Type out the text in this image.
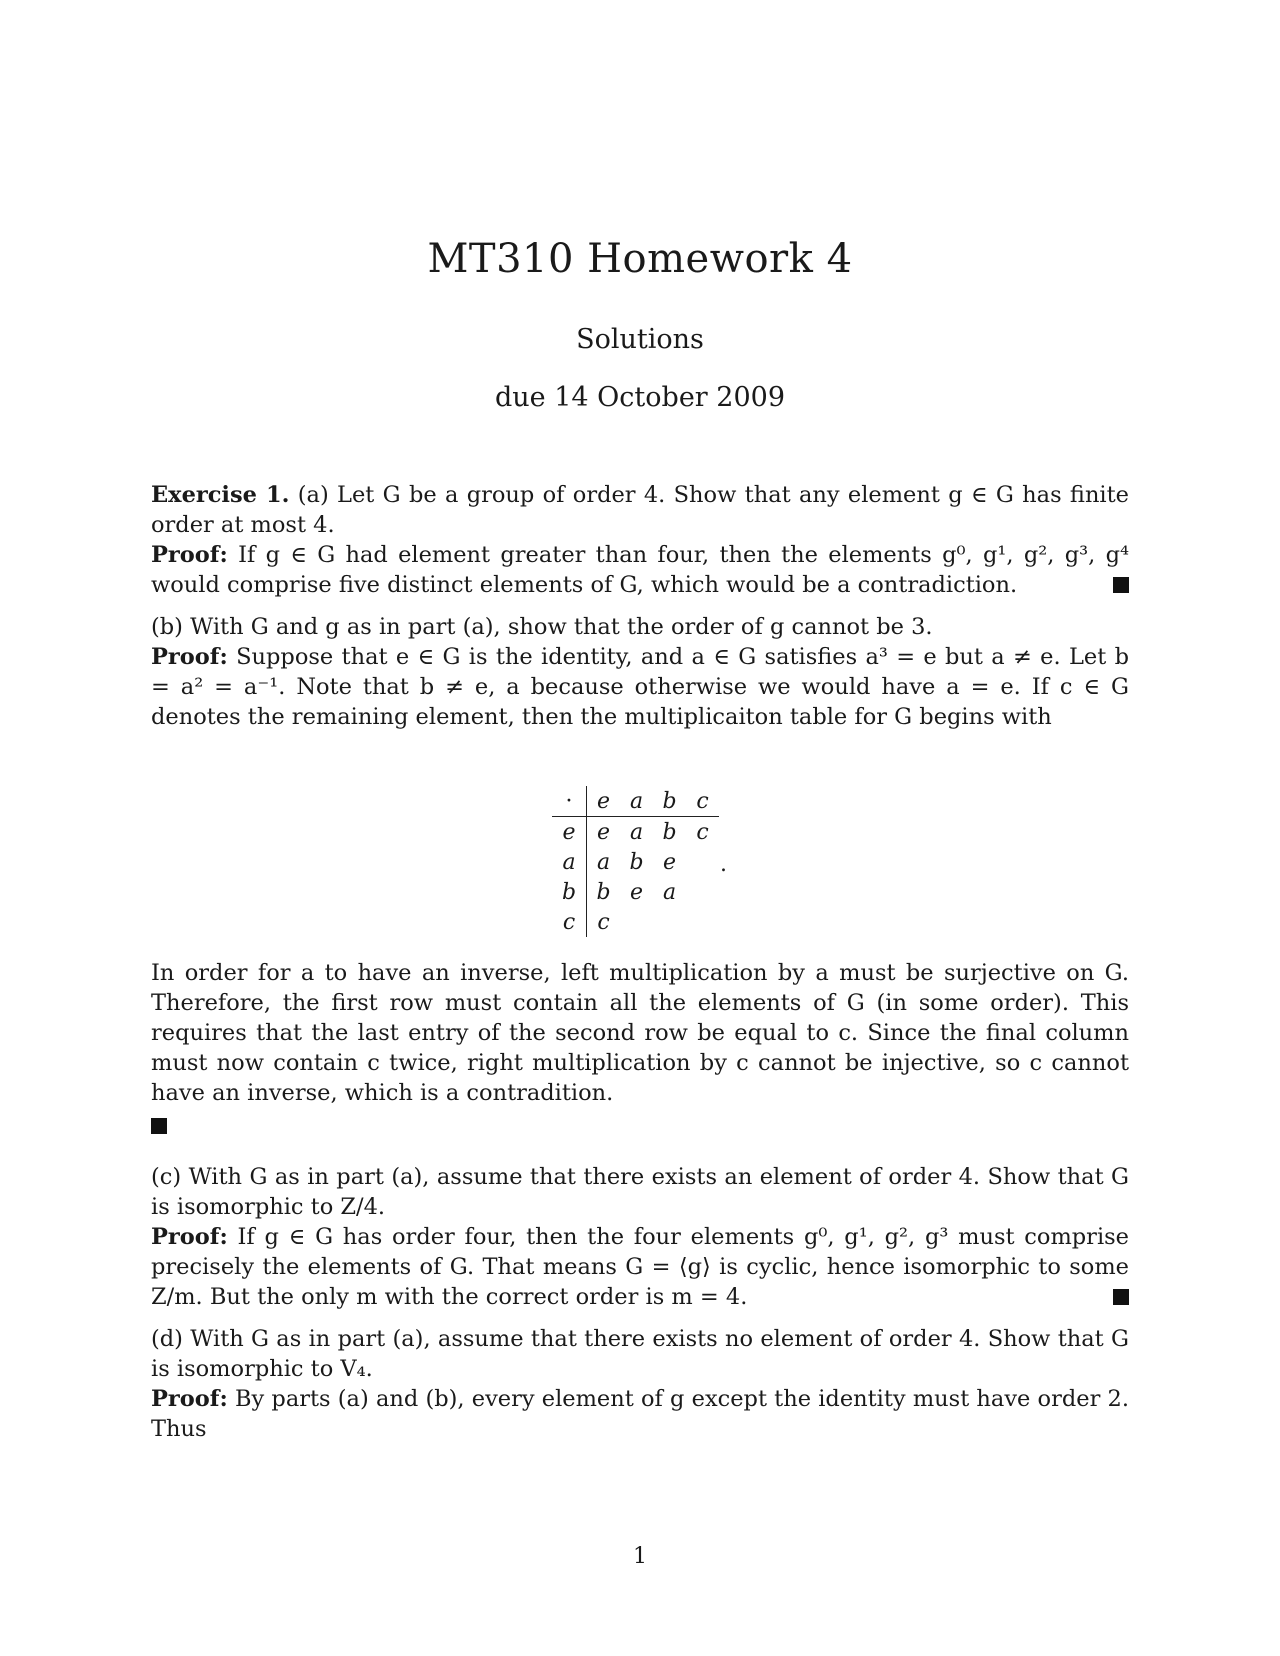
MT310 Homework 4
Solutions
due 14 October 2009

Exercise 1. (a) Let G be a group of order 4. Show that any element g ∈ G has finite order at most 4.

Proof: If g ∈ G had element greater than four, then the elements g⁰, g¹, g², g³, g⁴ would comprise five distinct elements of G, which would be a contradiction.

(b) With G and g as in part (a), show that the order of g cannot be 3.

Proof: Suppose that e ∈ G is the identity, and a ∈ G satisfies a³ = e but a ≠ e. Let b = a² = a⁻¹. Note that b ≠ e, a because otherwise we would have a = e. If c ∈ G denotes the remaining element, then the multiplicaiton table for G begins with

·	e	a	b	c
e	e	a	b	c
a	a	b	e	
b	b	e	a	
c	c			
.

In order for a to have an inverse, left multiplication by a must be surjective on G. Therefore, the first row must contain all the elements of G (in some order). This requires that the last entry of the second row be equal to c. Since the final column must now contain c twice, right multiplication by c cannot be injective, so c cannot have an inverse, which is a contradition.

(c) With G as in part (a), assume that there exists an element of order 4. Show that G is isomorphic to Z/4.

Proof: If g ∈ G has order four, then the four elements g⁰, g¹, g², g³ must comprise precisely the elements of G. That means G = ⟨g⟩ is cyclic, hence isomorphic to some Z/m. But the only m with the correct order is m = 4.

(d) With G as in part (a), assume that there exists no element of order 4. Show that G is isomorphic to V₄.

Proof: By parts (a) and (b), every element of g except the identity must have order 2. Thus

1
